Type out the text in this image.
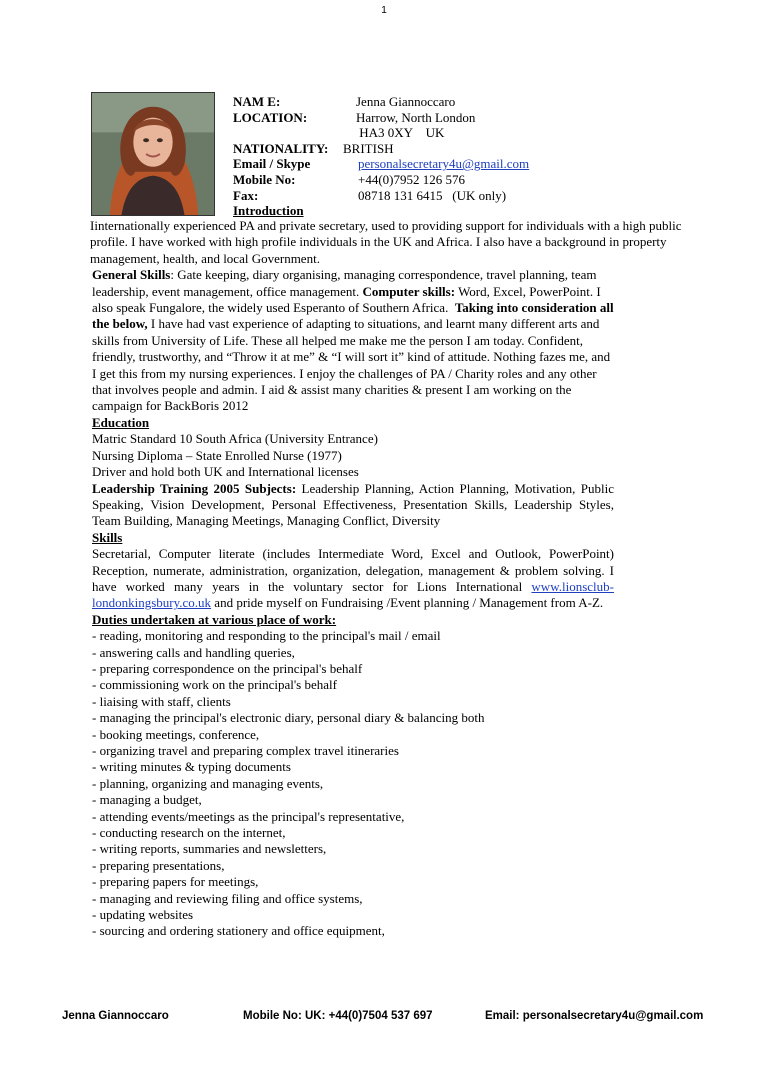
1
NAM E:	Jenna Giannoccaro
LOCATION:	Harrow, North London
HA3 0XY    UK
NATIONALITY:	BRITISH
Email / Skype	personalsecretary4u@gmail.com
Mobile No:	+44(0)7952 126 576
Fax:	08718 131 6415   (UK only)
Introduction

Iinternationally experienced PA and private secretary, used to providing support for individuals with a high public profile. I have worked with high profile individuals in the UK and Africa. I also have a background in property management, health, and local Government.

General Skills: Gate keeping, diary organising, managing correspondence, travel planning, team leadership, event management, office management. Computer skills: Word, Excel, PowerPoint. I also speak Fungalore, the widely used Esperanto of Southern Africa.  Taking into consideration all the below, I have had vast experience of adapting to situations, and learnt many different arts and skills from University of Life. These all helped me make me the person I am today. Confident, friendly, trustworthy, and “Throw it at me” & “I will sort it” kind of attitude. Nothing fazes me, and I get this from my nursing experiences. I enjoy the challenges of PA / Charity roles and any other that involves people and admin. I aid & assist many charities & present I am working on the campaign for BackBoris 2012

Education

Matric Standard 10 South Africa (University Entrance)
Nursing Diploma – State Enrolled Nurse (1977)
Driver and hold both UK and International licenses

Leadership Training 2005 Subjects: Leadership Planning, Action Planning, Motivation, Public Speaking, Vision Development, Personal Effectiveness, Presentation Skills, Leadership Styles, Team Building, Managing Meetings, Managing Conflict, Diversity

Skills

Secretarial, Computer literate (includes Intermediate Word, Excel and Outlook, PowerPoint) Reception, numerate, administration, organization, delegation, management & problem solving. I have worked many years in the voluntary sector for Lions International www.lionsclub-londonkingsbury.co.uk and pride myself on Fundraising /Event planning / Management from A-Z.

Duties undertaken at various place of work:

- reading, monitoring and responding to the principal's mail / email
- answering calls and handling queries,
- preparing correspondence on the principal's behalf
- commissioning work on the principal's behalf
- liaising with staff, clients
- managing the principal's electronic diary, personal diary & balancing both
- booking meetings, conference,
- organizing travel and preparing complex travel itineraries
- writing minutes & typing documents
- planning, organizing and managing events,
- managing a budget,
- attending events/meetings as the principal's representative,
- conducting research on the internet,
- writing reports, summaries and newsletters,
- preparing presentations,
- preparing papers for meetings,
- managing and reviewing filing and office systems,
- updating websites
- sourcing and ordering stationery and office equipment,
Jenna Giannoccaro	Mobile No: UK: +44(0)7504 537 697	Email: personalsecretary4u@gmail.com
